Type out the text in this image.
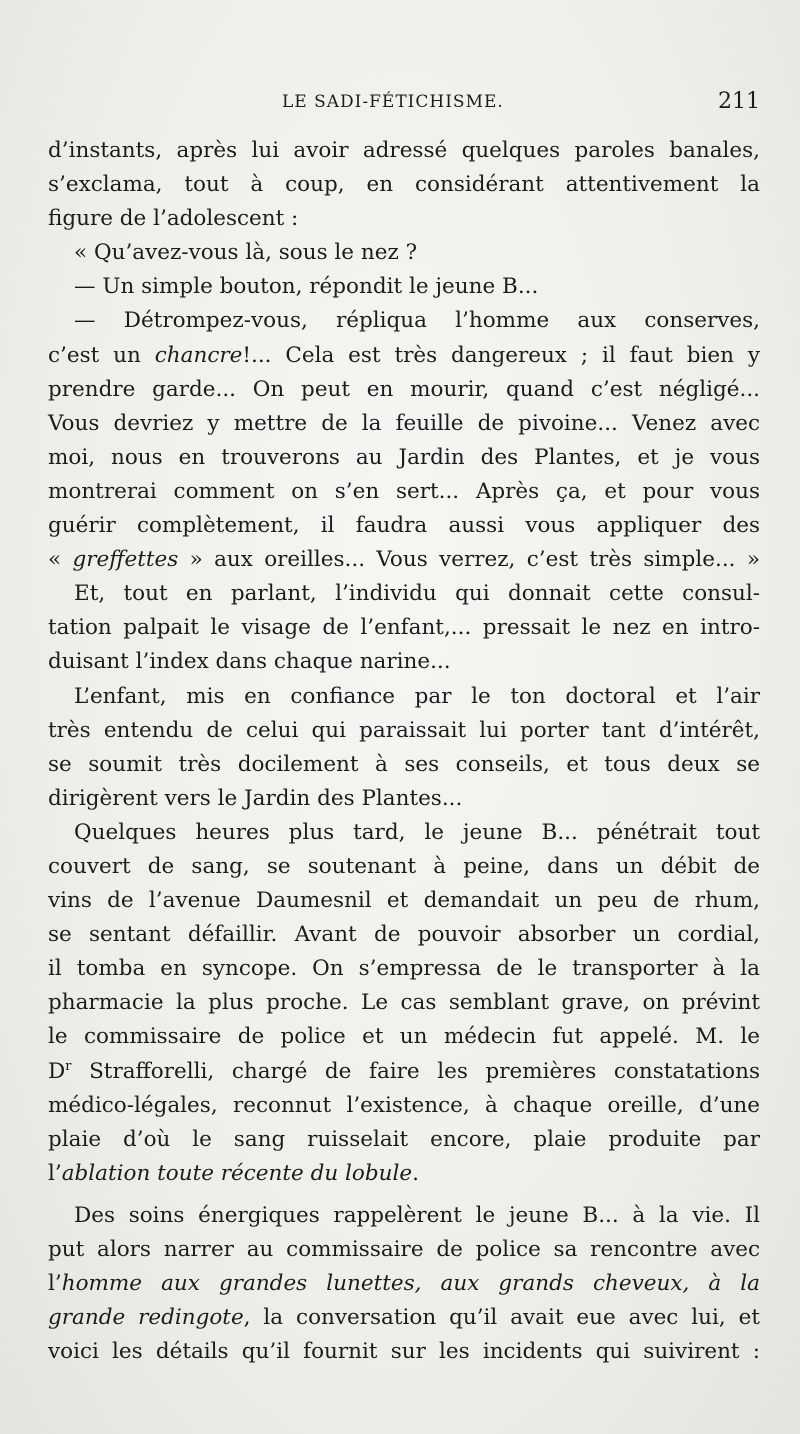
LE SADI-FÉTICHISME.	211
d’instants, après lui avoir adressé quelques paroles banales,
s’exclama, tout à coup, en considérant attentivement la
figure de l’adolescent :
« Qu’avez-vous là, sous le nez ?
— Un simple bouton, répondit le jeune B...
— Détrompez-vous, répliqua l’homme aux conserves,
c’est un chancre!... Cela est très dangereux ; il faut bien y
prendre garde... On peut en mourir, quand c’est négligé...
Vous devriez y mettre de la feuille de pivoine... Venez avec
moi, nous en trouverons au Jardin des Plantes, et je vous
montrerai comment on s’en sert... Après ça, et pour vous
guérir complètement, il faudra aussi vous appliquer des
« greffettes » aux oreilles... Vous verrez, c’est très simple... »
Et, tout en parlant, l’individu qui donnait cette consul-
tation palpait le visage de l’enfant,... pressait le nez en intro-
duisant l’index dans chaque narine...
L’enfant, mis en confiance par le ton doctoral et l’air
très entendu de celui qui paraissait lui porter tant d’intérêt,
se soumit très docilement à ses conseils, et tous deux se
dirigèrent vers le Jardin des Plantes...
Quelques heures plus tard, le jeune B... pénétrait tout
couvert de sang, se soutenant à peine, dans un débit de
vins de l’avenue Daumesnil et demandait un peu de rhum,
se sentant défaillir. Avant de pouvoir absorber un cordial,
il tomba en syncope. On s’empressa de le transporter à la
pharmacie la plus proche. Le cas semblant grave, on prévint
le commissaire de police et un médecin fut appelé. M. le
$D^r$ Strafforelli, chargé de faire les premières constatations
médico-légales, reconnut l’existence, à chaque oreille, d’une
plaie d’où le sang ruisselait encore, plaie produite par
l’ablation toute récente du lobule.
Des soins énergiques rappelèrent le jeune B... à la vie. Il
put alors narrer au commissaire de police sa rencontre avec
l’homme aux grandes lunettes, aux grands cheveux, à la
grande redingote, la conversation qu’il avait eue avec lui, et
voici les détails qu’il fournit sur les incidents qui suivirent :
